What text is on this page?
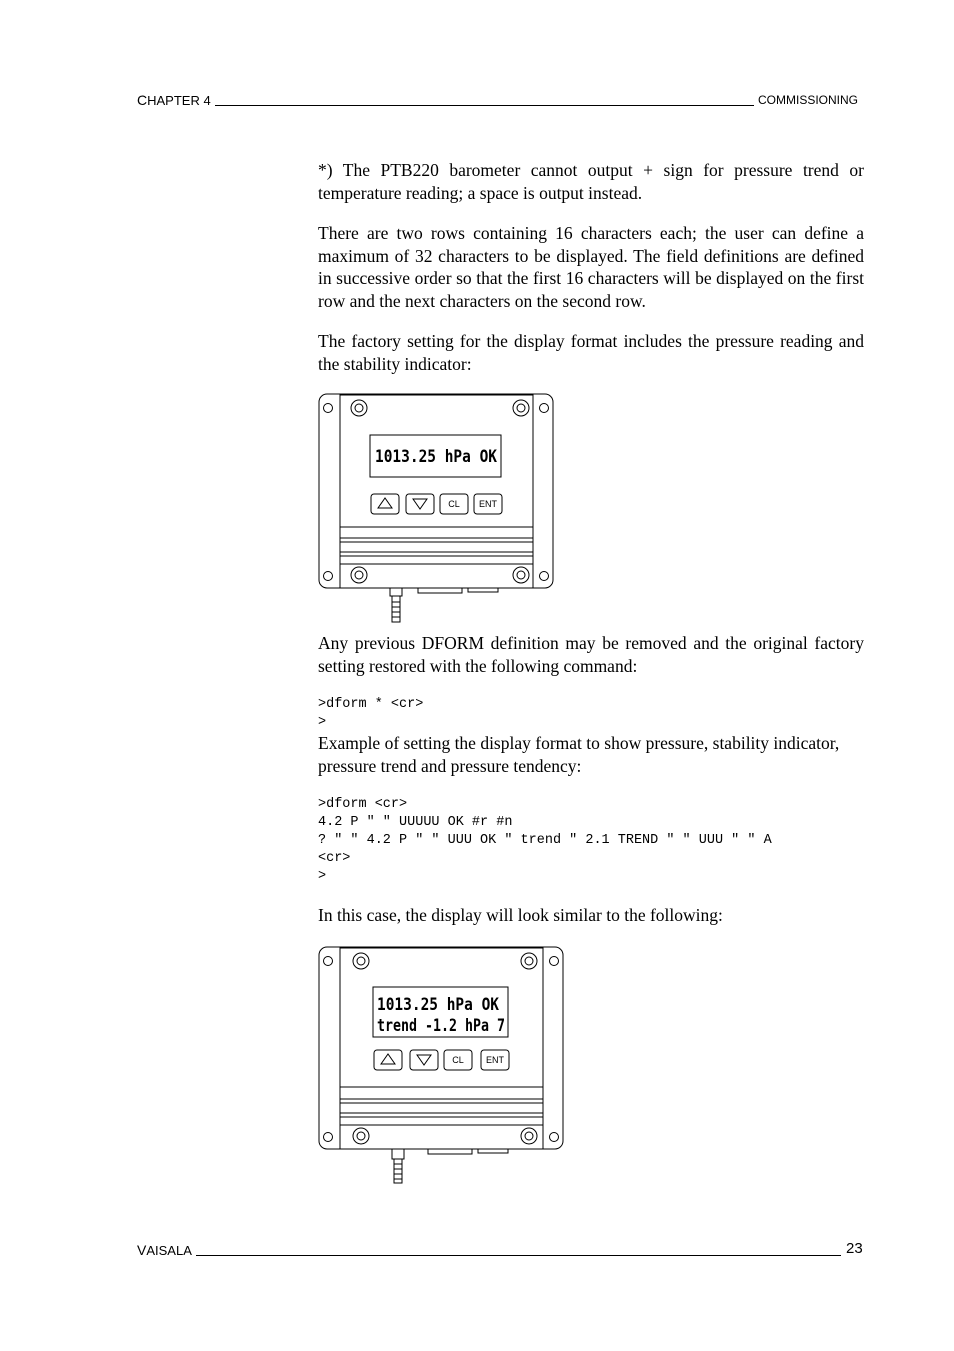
CHAPTER 4	COMMISSIONING

*) The PTB220 barometer cannot output + sign for pressure trend or temperature reading; a space is output instead.

There are two rows containing 16 characters each; the user can define a maximum of 32 characters to be displayed. The field definitions are defined in successive order so that the first 16 characters will be displayed on the first row and the next characters on the second row.

The factory setting for the display format includes the pressure reading and the stability indicator:

1013.25 hPa OK
CL ENT

Any previous DFORM definition may be removed and the original factory setting restored with the following command:

>dform * <cr>
>

Example of setting the display format to show pressure, stability indicator, pressure trend and pressure tendency:

>dform <cr>
4.2 P " " UUUUU OK #r #n
? " " 4.2 P " " UUU OK " trend " 2.1 TREND " " UUU " " A
<cr>
>

In this case, the display will look similar to the following:

1013.25 hPa OK
trend -1.2 hPa 7
CL ENT
VAISALA	23
